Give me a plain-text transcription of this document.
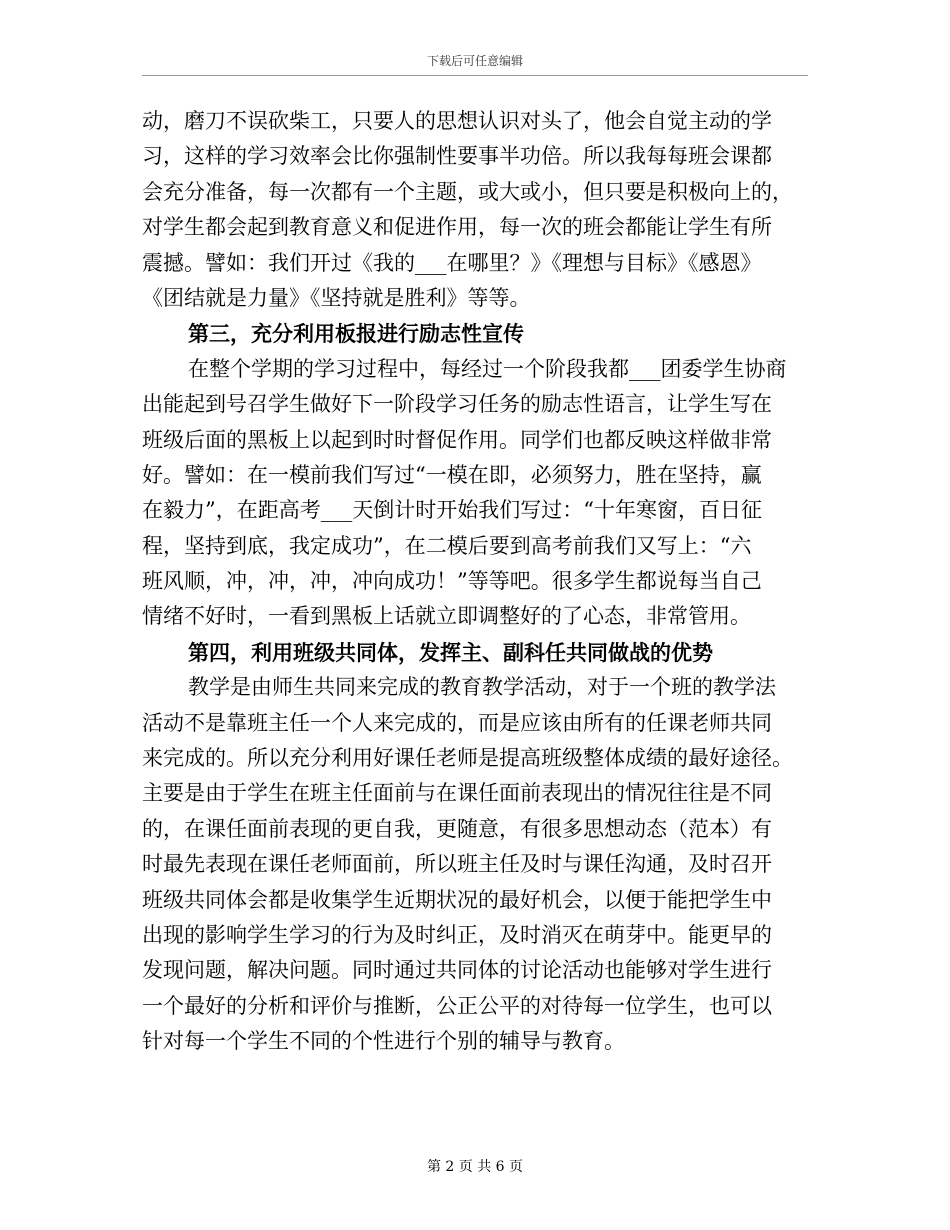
下载后可任意编辑
动，磨刀不误砍柴工，只要人的思想认识对头了，他会自觉主动的学
习，这样的学习效率会比你强制性要事半功倍。所以我每每班会课都
会充分准备，每一次都有一个主题，或大或小，但只要是积极向上的，
对学生都会起到教育意义和促进作用，每一次的班会都能让学生有所
震撼。譬如：我们开过《我的___在哪里？》《理想与目标》《感恩》
《团结就是力量》《坚持就是胜利》等等。
第三，充分利用板报进行励志性宣传
在整个学期的学习过程中，每经过一个阶段我都___团委学生协商
出能起到号召学生做好下一阶段学习任务的励志性语言，让学生写在
班级后面的黑板上以起到时时督促作用。同学们也都反映这样做非常
好。譬如：在一模前我们写过“一模在即，必须努力，胜在坚持，赢
在毅力”，在距高考___天倒计时开始我们写过：“十年寒窗，百日征
程，坚持到底，我定成功”，在二模后要到高考前我们又写上：“六
班风顺，冲，冲，冲，冲向成功！”等等吧。很多学生都说每当自己
情绪不好时，一看到黑板上话就立即调整好的了心态，非常管用。
第四，利用班级共同体，发挥主、副科任共同做战的优势
教学是由师生共同来完成的教育教学活动，对于一个班的教学法
活动不是靠班主任一个人来完成的，而是应该由所有的任课老师共同
来完成的。所以充分利用好课任老师是提高班级整体成绩的最好途径。
主要是由于学生在班主任面前与在课任面前表现出的情况往往是不同
的，在课任面前表现的更自我，更随意，有很多思想动态（范本）有
时最先表现在课任老师面前，所以班主任及时与课任沟通，及时召开
班级共同体会都是收集学生近期状况的最好机会，以便于能把学生中
出现的影响学生学习的行为及时纠正，及时消灭在萌芽中。能更早的
发现问题，解决问题。同时通过共同体的讨论活动也能够对学生进行
一个最好的分析和评价与推断，公正公平的对待每一位学生，也可以
针对每一个学生不同的个性进行个别的辅导与教育。
第 2 页 共 6 页
